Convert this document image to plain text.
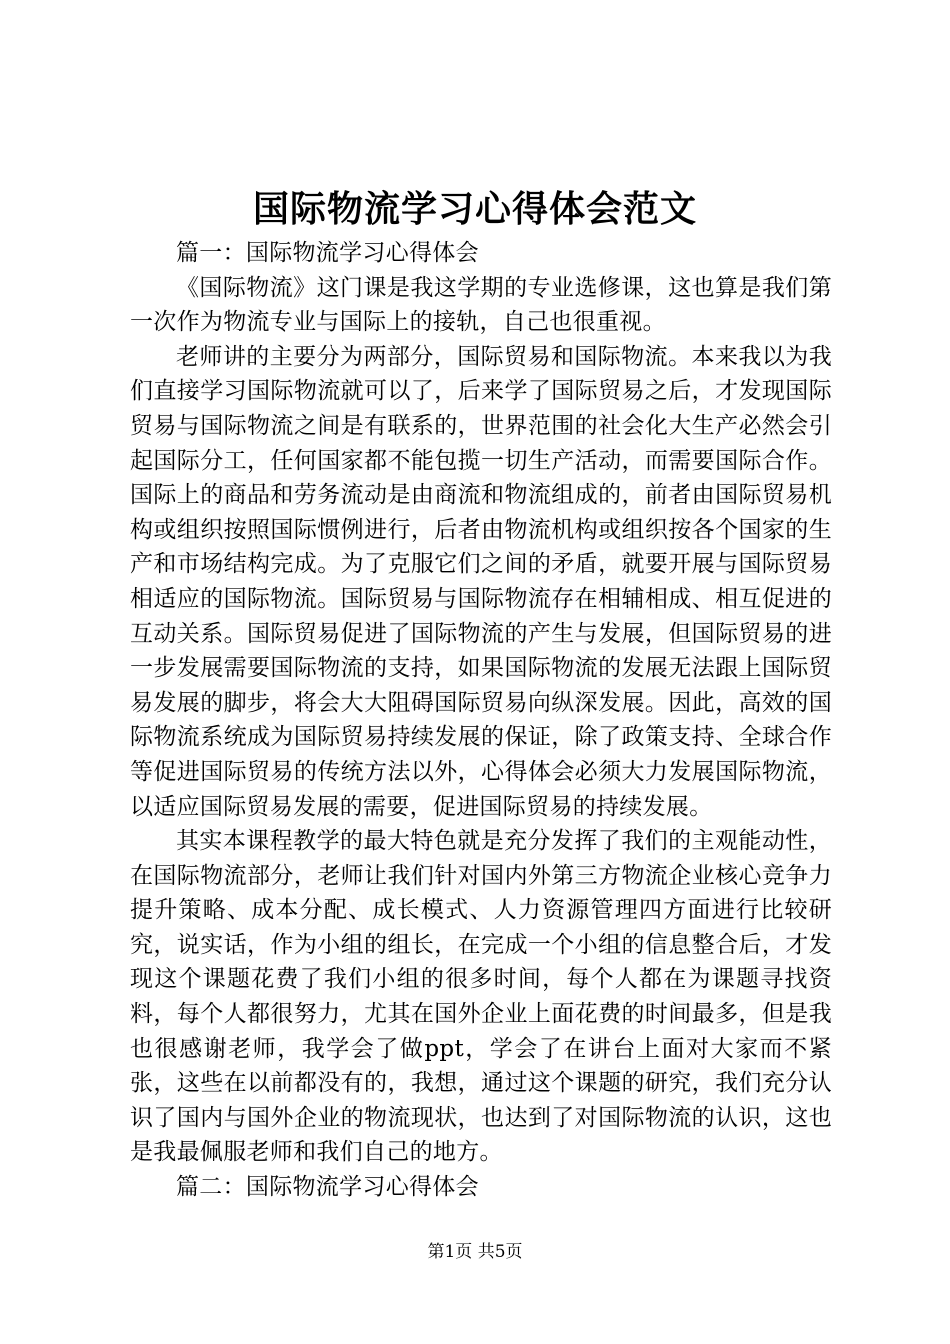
国际物流学习心得体会范文

篇一：国际物流学习心得体会

《国际物流》这门课是我这学期的专业选修课，这也算是我们第一次作为物流专业与国际上的接轨，自己也很重视。

老师讲的主要分为两部分，国际贸易和国际物流。本来我以为我们直接学习国际物流就可以了，后来学了国际贸易之后，才发现国际贸易与国际物流之间是有联系的，世界范围的社会化大生产必然会引起国际分工，任何国家都不能包揽一切生产活动，而需要国际合作。国际上的商品和劳务流动是由商流和物流组成的，前者由国际贸易机构或组织按照国际惯例进行，后者由物流机构或组织按各个国家的生产和市场结构完成。为了克服它们之间的矛盾，就要开展与国际贸易相适应的国际物流。国际贸易与国际物流存在相辅相成、相互促进的互动关系。国际贸易促进了国际物流的产生与发展，但国际贸易的进一步发展需要国际物流的支持，如果国际物流的发展无法跟上国际贸易发展的脚步，将会大大阻碍国际贸易向纵深发展。因此，高效的国际物流系统成为国际贸易持续发展的保证，除了政策支持、全球合作等促进国际贸易的传统方法以外，心得体会必须大力发展国际物流，以适应国际贸易发展的需要，促进国际贸易的持续发展。

其实本课程教学的最大特色就是充分发挥了我们的主观能动性，在国际物流部分，老师让我们针对国内外第三方物流企业核心竞争力提升策略、成本分配、成长模式、人力资源管理四方面进行比较研究，说实话，作为小组的组长，在完成一个小组的信息整合后，才发现这个课题花费了我们小组的很多时间，每个人都在为课题寻找资料，每个人都很努力，尤其在国外企业上面花费的时间最多，但是我也很感谢老师，我学会了做ppt，学会了在讲台上面对大家而不紧张，这些在以前都没有的，我想，通过这个课题的研究，我们充分认识了国内与国外企业的物流现状，也达到了对国际物流的认识，这也是我最佩服老师和我们自己的地方。

篇二：国际物流学习心得体会

第1页 共5页
